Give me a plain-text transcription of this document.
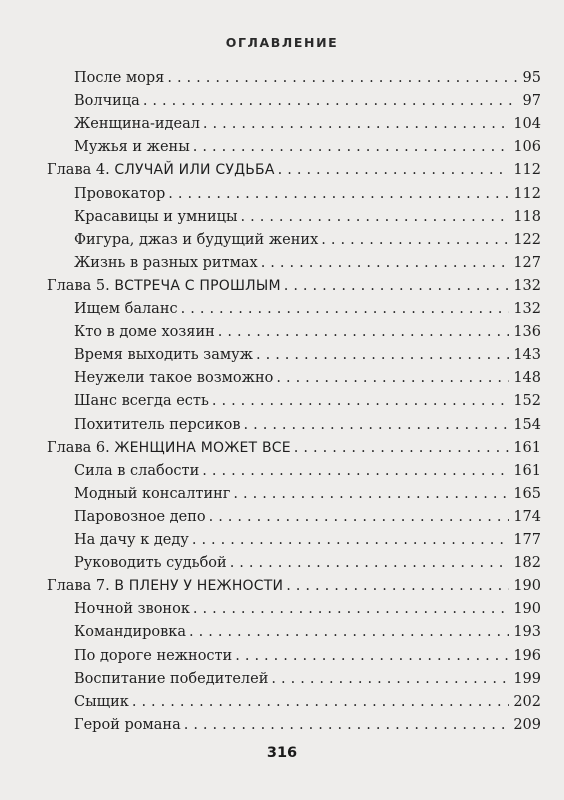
ОГЛАВЛЕНИЕ
После моря .....	95
Волчица .....	97
Женщина-идеал .....	104
Мужья и жены .....	106
Глава 4. СЛУЧАЙ ИЛИ СУДЬБА .....	112
Провокатор .....	112
Красавицы и умницы .....	118
Фигура, джаз и будущий жених .....	122
Жизнь в разных ритмах .....	127
Глава 5. ВСТРЕЧА С ПРОШЛЫМ .....	132
Ищем баланс .....	132
Кто в доме хозяин .....	136
Время выходить замуж .....	143
Неужели такое возможно .....	148
Шанс всегда есть .....	152
Похититель персиков .....	154
Глава 6. ЖЕНЩИНА МОЖЕТ ВСЕ .....	161
Сила в слабости .....	161
Модный консалтинг .....	165
Паровозное депо .....	174
На дачу к деду .....	177
Руководить судьбой .....	182
Глава 7. В ПЛЕНУ У НЕЖНОСТИ .....	190
Ночной звонок .....	190
Командировка .....	193
По дороге нежности .....	196
Воспитание победителей .....	199
Сыщик .....	202
Герой романа .....	209
316
